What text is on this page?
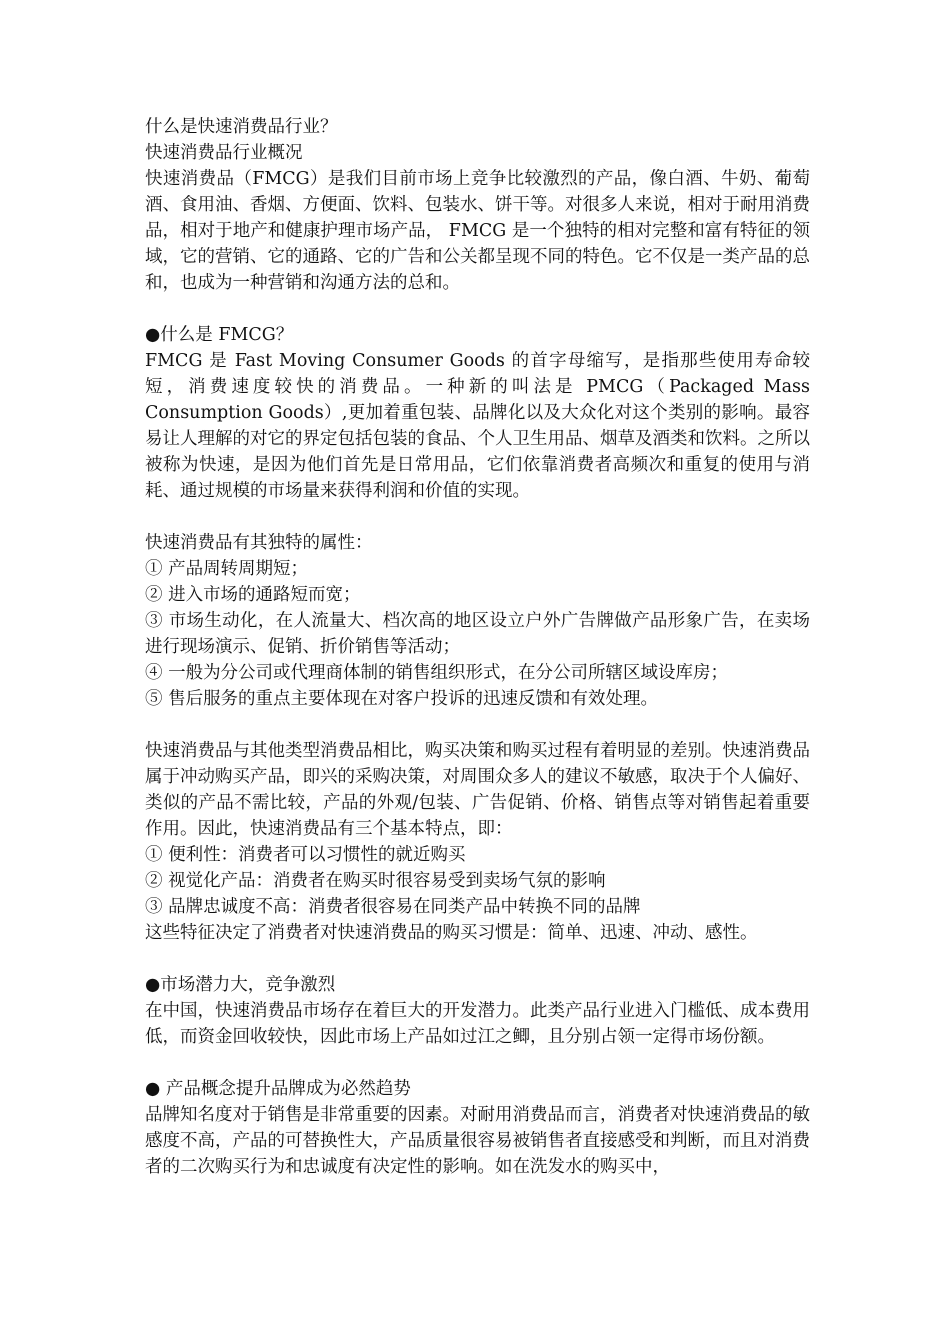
什么是快速消费品行业？

快速消费品行业概况

快速消费品（FMCG）是我们目前市场上竞争比较激烈的产品，像白酒、牛奶、葡萄酒、食用油、香烟、方便面、饮料、包装水、饼干等。对很多人来说，相对于耐用消费品，相对于地产和健康护理市场产品， FMCG 是一个独特的相对完整和富有特征的领域，它的营销、它的通路、它的广告和公关都呈现不同的特色。它不仅是一类产品的总和，也成为一种营销和沟通方法的总和。

●什么是 FMCG？

FMCG 是 Fast Moving Consumer Goods 的首字母缩写，是指那些使用寿命较短，消费速度较快的消费品。一种新的叫法是 PMCG（Packaged Mass Consumption Goods）,更加着重包装、品牌化以及大众化对这个类别的影响。最容易让人理解的对它的界定包括包装的食品、个人卫生用品、烟草及酒类和饮料。之所以被称为快速，是因为他们首先是日常用品，它们依靠消费者高频次和重复的使用与消耗、通过规模的市场量来获得利润和价值的实现。

快速消费品有其独特的属性：

① 产品周转周期短；

② 进入市场的通路短而宽；

③ 市场生动化，在人流量大、档次高的地区设立户外广告牌做产品形象广告，在卖场进行现场演示、促销、折价销售等活动；

④ 一般为分公司或代理商体制的销售组织形式，在分公司所辖区域设库房；

⑤ 售后服务的重点主要体现在对客户投诉的迅速反馈和有效处理。

快速消费品与其他类型消费品相比，购买决策和购买过程有着明显的差别。快速消费品属于冲动购买产品，即兴的采购决策，对周围众多人的建议不敏感，取决于个人偏好、类似的产品不需比较，产品的外观/包装、广告促销、价格、销售点等对销售起着重要作用。因此，快速消费品有三个基本特点，即：

① 便利性：消费者可以习惯性的就近购买

② 视觉化产品：消费者在购买时很容易受到卖场气氛的影响

③ 品牌忠诚度不高：消费者很容易在同类产品中转换不同的品牌

这些特征决定了消费者对快速消费品的购买习惯是：简单、迅速、冲动、感性。

●市场潜力大，竞争激烈

在中国，快速消费品市场存在着巨大的开发潜力。此类产品行业进入门槛低、成本费用低，而资金回收较快，因此市场上产品如过江之鲫，且分别占领一定得市场份额。

● 产品概念提升品牌成为必然趋势

品牌知名度对于销售是非常重要的因素。对耐用消费品而言，消费者对快速消费品的敏感度不高，产品的可替换性大，产品质量很容易被销售者直接感受和判断，而且对消费者的二次购买行为和忠诚度有决定性的影响。如在洗发水的购买中，
